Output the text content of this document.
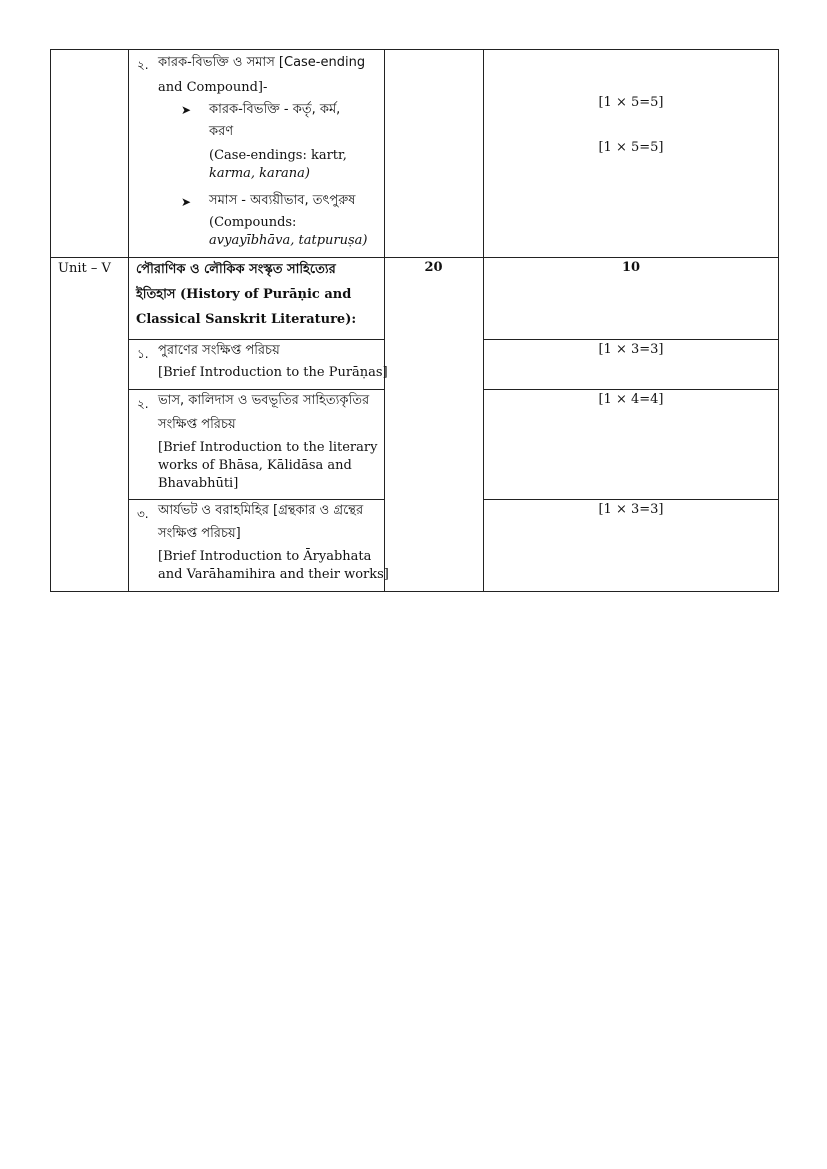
২. কারক-বিভক্তি ও সমাস [Case-ending
and Compound]-
➤ কারক-বিভক্তি - কর্তৃ, কর্ম,
করণ
(Case-endings: kartr,
karma, karana)
➤ সমাস - অব্যয়ীভাব, তৎপুরুষ
(Compounds:
avyayībhāva, tatpuruṣa)
[1 × 5=5]
[1 × 5=5]
Unit – V পৌরাণিক ও লৌকিক সংস্কৃত সাহিত্যের
ইতিহাস (History of Purāṇic and
Classical Sanskrit Literature):
20	10
১. পুরাণের সংক্ষিপ্ত পরিচয়
[Brief Introduction to the Purāṇas]
[1 × 3=3]
২. ভাস, কালিদাস ও ভবভূতির সাহিত্যকৃতির
সংক্ষিপ্ত পরিচয়
[Brief Introduction to the literary
works of Bhāsa, Kālidāsa and
Bhavabhūti]
[1 × 4=4]
৩. আর্যভট ও বরাহমিহির [গ্রন্থকার ও গ্রন্থের
সংক্ষিপ্ত পরিচয়]
[Brief Introduction to Āryabhata
and Varāhamihira and their works]
[1 × 3=3]
